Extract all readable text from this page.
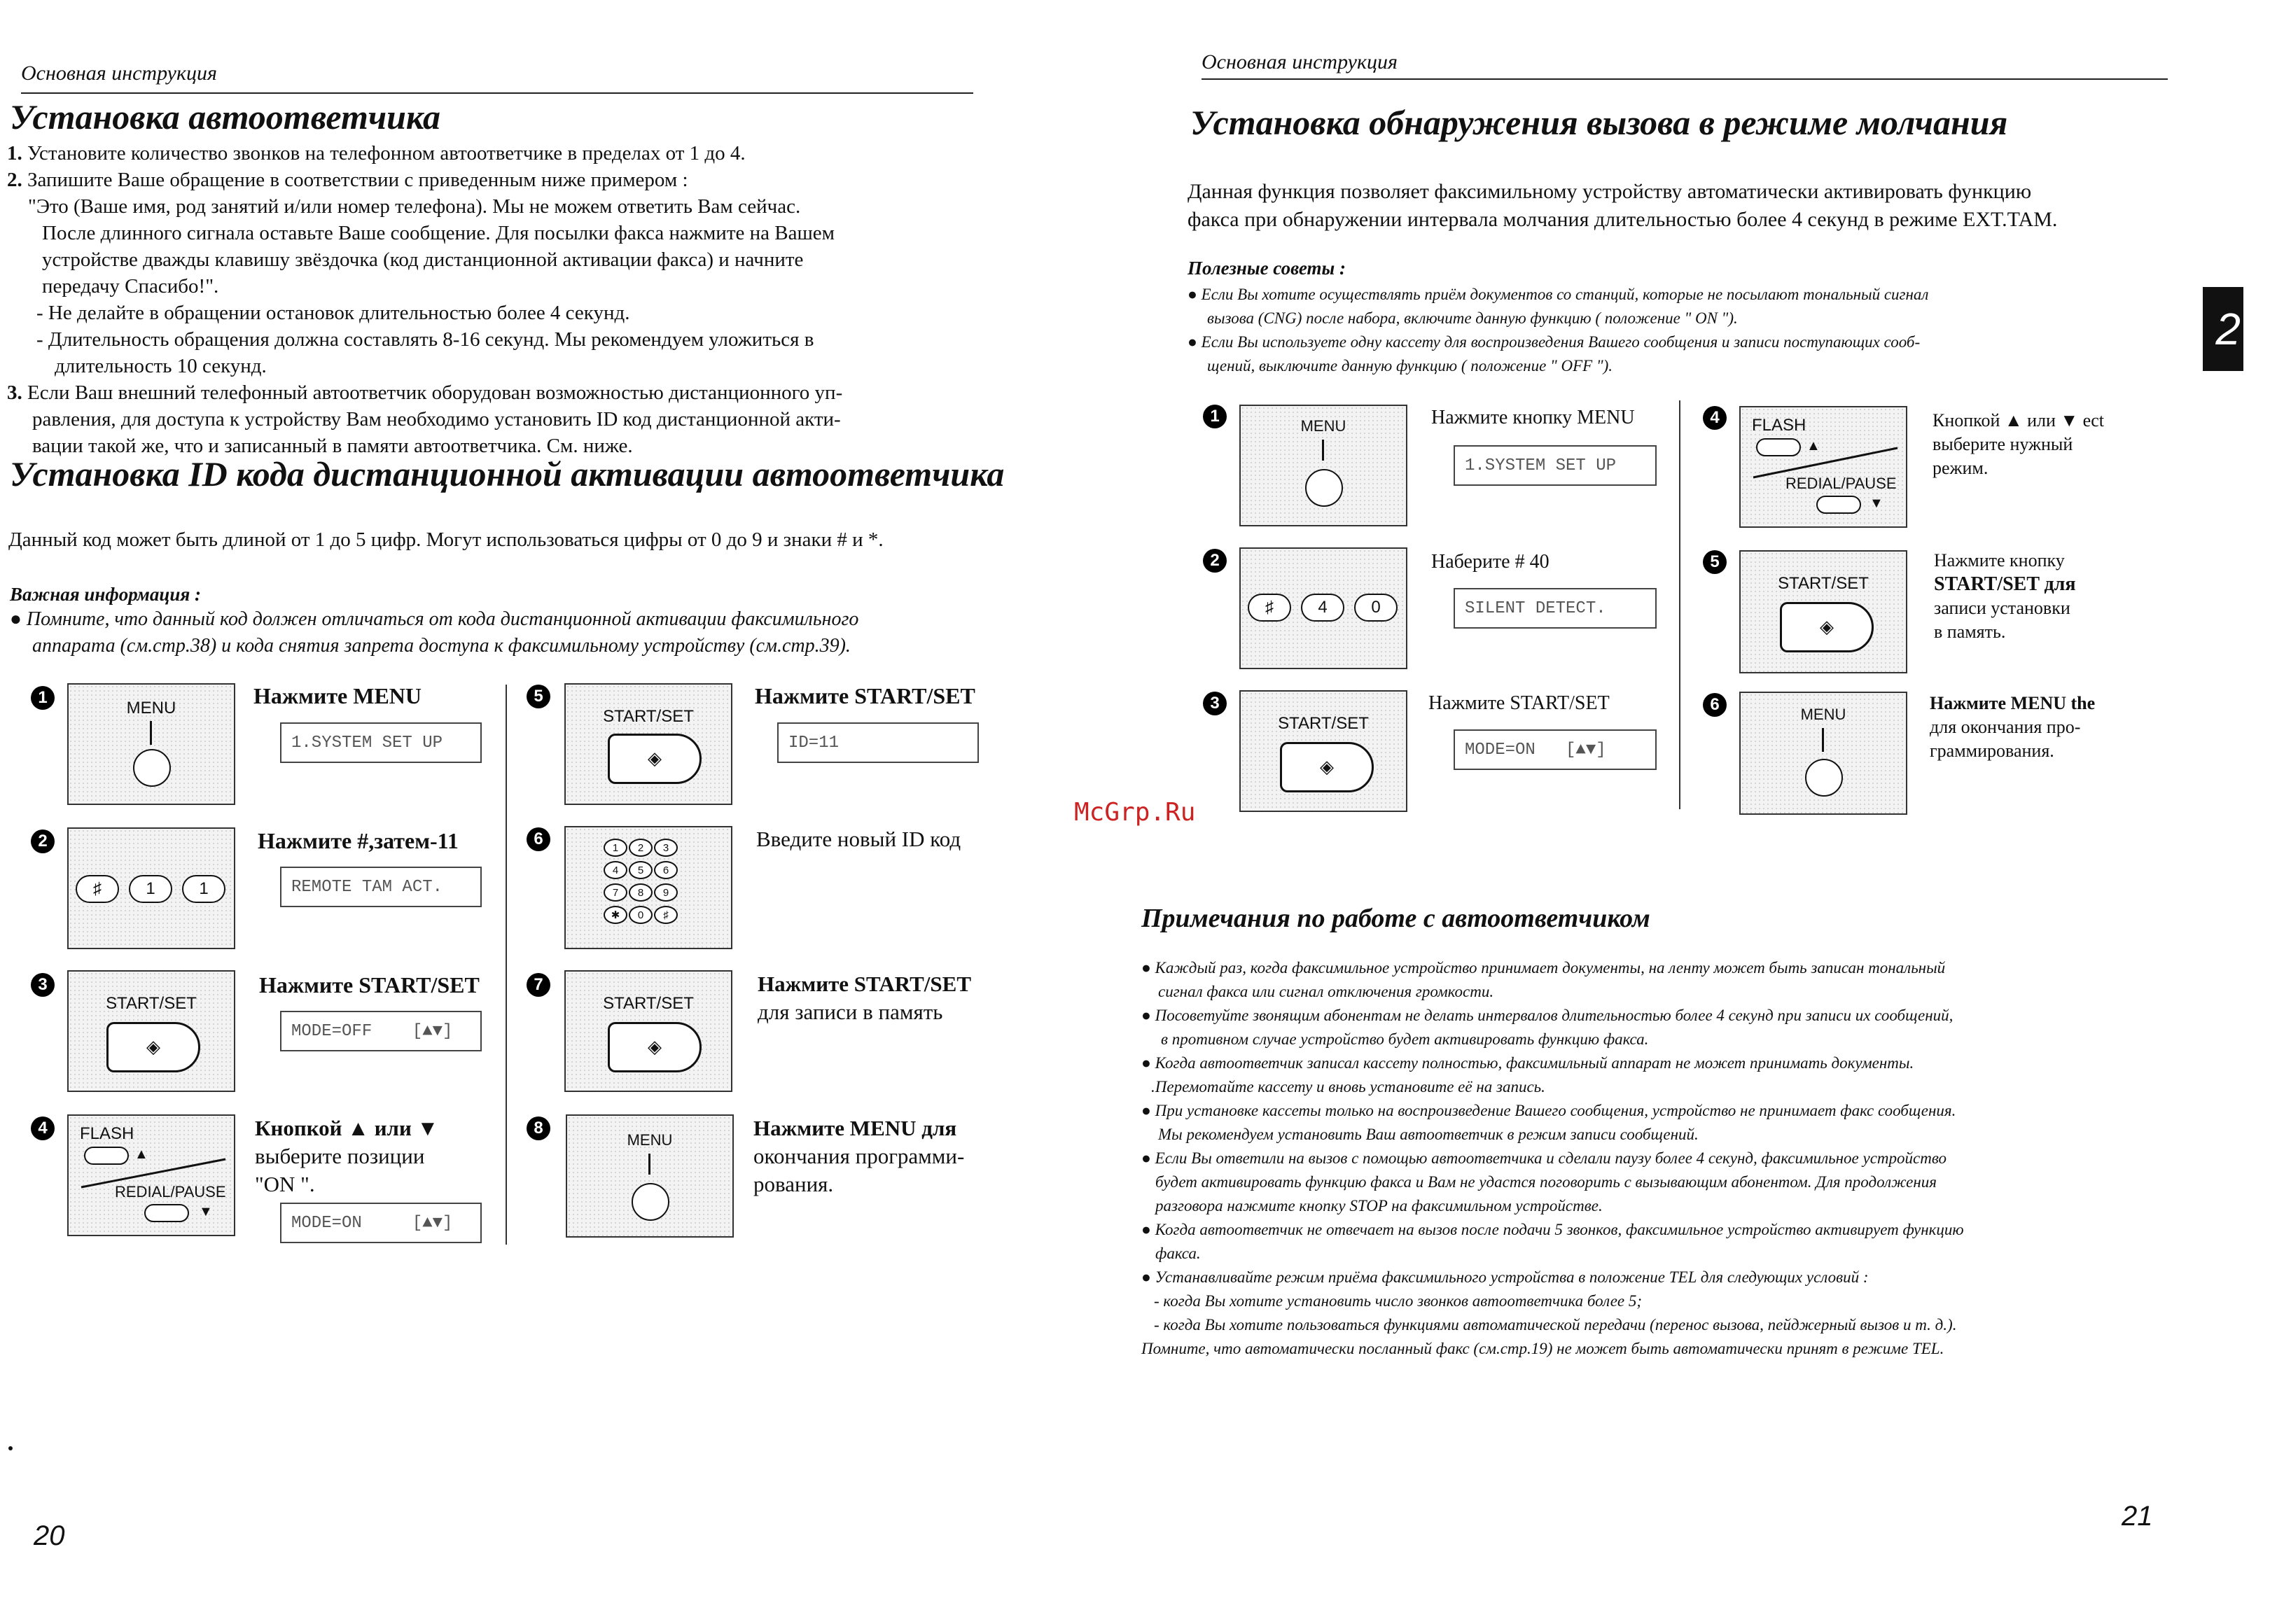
Основная инструкция
Установка автоответчика
1. Установите количество звонков на телефонном автоответчике в пределах от 1 до 4.
2. Запишите Ваше обращение в соответствии с приведенным ниже примером :
"Это (Ваше имя, род занятий и/или номер телефона). Мы не можем ответить Вам сейчас.
После длинного сигнала оставьте Ваше сообщение. Для посылки факса нажмите на Вашем
устройстве дважды клавишу звёздочка (код дистанционной активации факса) и начните
передачу Спасибо!".
- Не делайте в обращении остановок длительностью более 4 секунд.
- Длительность обращения должна составлять 8-16 секунд. Мы рекомендуем уложиться в
длительность 10 секунд.
3. Если Ваш внешний телефонный автоответчик оборудован возможностью дистанционного уп-
равления, для доступа к устройству Вам необходимо установить ID код дистанционной акти-
вации такой же, что и записанный в памяти автоответчика. См. ниже.
Установка ID кода дистанционной активации автоответчика
Данный код может быть длиной от 1 до 5 цифр. Могут использоваться цифры от 0 до 9 и знаки # и *.
Важная информация :
● Помните, что данный код должен отличаться от кода дистанционной активации факсимильного
аппарата (см.стр.38) и кода снятия запрета доступа к факсимильному устройству (см.стр.39).
1
MENU	Нажмите MENU
1.SYSTEM SET UP
2
♯	1	1
Нажмите #,затем-11
REMOTE TAM ACT.
3
START/SET
◈
Нажмите START/SET
MODE=OFF    [▲▼]
4	FLASH
▲
REDIAL/PAUSE
▼
Кнопкой ▲ или ▼
выберите позиции
"ON ".
MODE=ON     [▲▼]
5
START/SET
◈
Нажмите START/SET
ID=11
6	1	2	3
4	5	6
7	8	9
✱	0	♯
Введите новый ID код
7
START/SET
◈
Нажмите START/SET
для записи в память
8
MENU	Нажмите MENU для
окончания программи-
рования.
20
Основная инструкция
Установка обнаружения вызова в режиме молчания
Данная функция позволяет факсимильному устройству автоматически активировать функцию
факса при обнаружении интервала молчания длительностью более 4 секунд в режиме EXT.TAM.
Полезные советы :
● Если Вы хотите осуществлять приём документов со станций, которые не посылают тональный сигнал
вызова (CNG) после набора, включите данную функцию ( положение " ON ").
● Если Вы используете одну кассету для воспроизведения Вашего сообщения и записи поступающих сооб-
щений, выключите данную функцию ( положение " OFF ").
2
1
MENU	Нажмите кнопку MENU
1.SYSTEM SET UP
2
♯	4	0
Наберите # 40
SILENT DETECT.
3
START/SET
◈
Нажмите START/SET
MODE=ON   [▲▼]
4	FLASH
▲
REDIAL/PAUSE
▼
Кнопкой ▲ или ▼ ect
выберите нужный
режим.
5
START/SET
◈
Нажмите кнопку
START/SET для
записи установки
в память.
6
MENU
Нажмите MENU the
для окончания про-
граммирования.
McGrp.Ru
Примечания по работе с автоответчиком
● Каждый раз, когда факсимильное устройство принимает документы, на ленту может быть записан тональный
сигнал факса или сигнал отключения громкости.
● Посоветуйте звонящим абонентам не делать интервалов длительностью более 4 секунд при записи их сообщений,
в противном случае устройство будет активировать функцию факса.
● Когда автоответчик записал кассету полностью, факсимильный аппарат не может принимать документы.
.Перемотайте кассету и вновь установите её на запись.
● При установке кассеты только на воспроизведение Вашего сообщения, устройство не принимает факс сообщения.
Мы рекомендуем установить Ваш автоответчик в режим записи сообщений.
● Если Вы ответили на вызов с помощью автоответчика и сделали паузу более 4 секунд, факсимильное устройство
будет активировать функцию факса и Вам не удастся поговорить с вызывающим абонентом. Для продолжения
разговора нажмите кнопку STOP на факсимильном устройстве.
● Когда автоответчик не отвечает на вызов после подачи 5 звонков, факсимильное устройство активирует функцию
факса.
● Устанавливайте режим приёма факсимильного устройства в положение TEL для следующих условий :
- когда Вы хотите установить число звонков автоответчика более 5;
- когда Вы хотите пользоваться функциями автоматической передачи (перенос вызова, пейджерный вызов и т. д.).
Помните, что автоматически посланный факс (см.стр.19) не может быть автоматически принят в режиме TEL.
21
